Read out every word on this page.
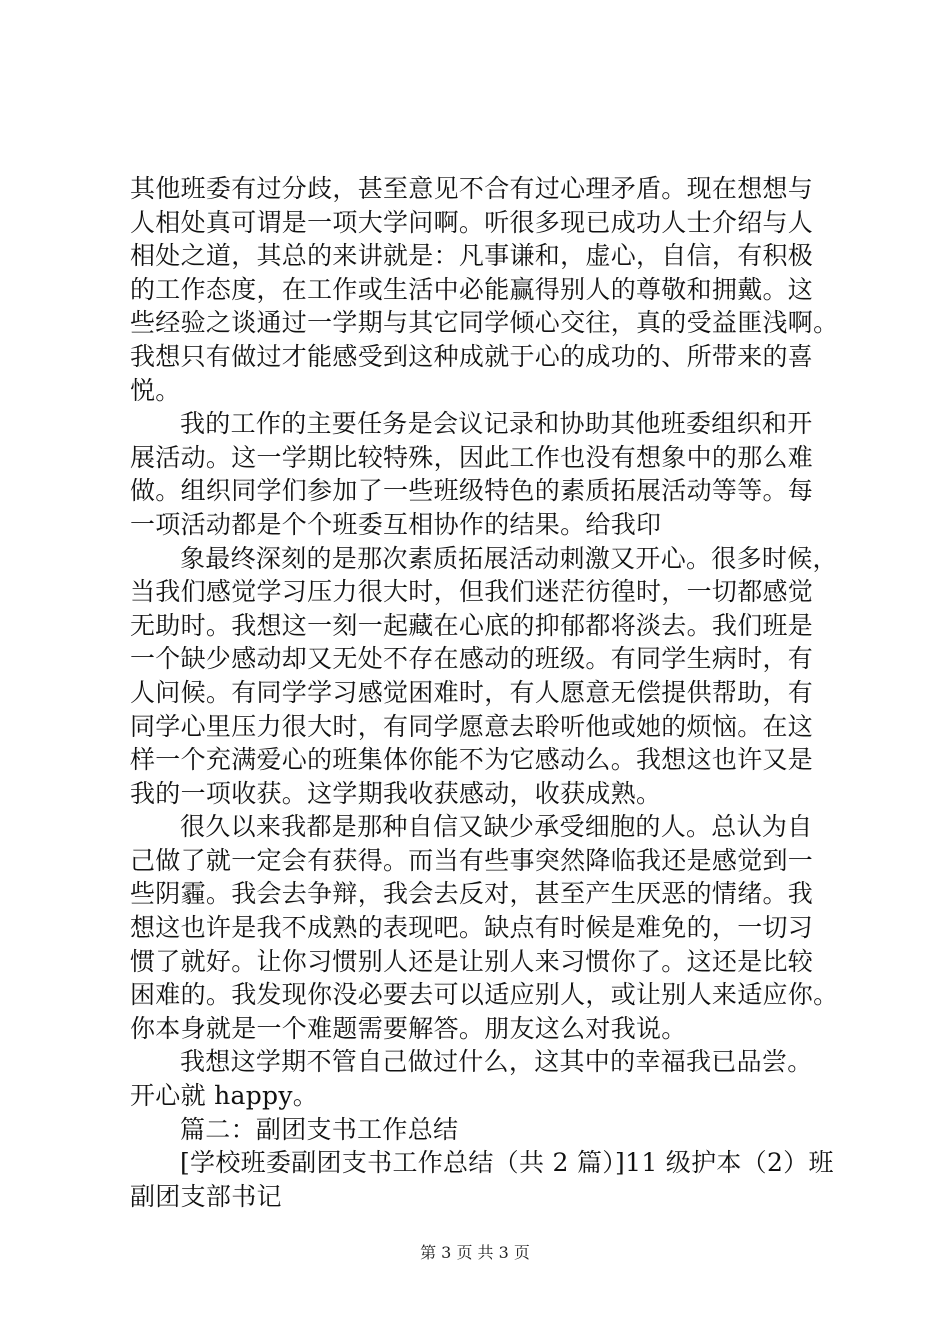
其他班委有过分歧，甚至意见不合有过心理矛盾。现在想想与
人相处真可谓是一项大学问啊。听很多现已成功人士介绍与人
相处之道，其总的来讲就是：凡事谦和，虚心，自信，有积极
的工作态度，在工作或生活中必能赢得别人的尊敬和拥戴。这
些经验之谈通过一学期与其它同学倾心交往，真的受益匪浅啊。
我想只有做过才能感受到这种成就于心的成功的、所带来的喜
悦。
我的工作的主要任务是会议记录和协助其他班委组织和开
展活动。这一学期比较特殊，因此工作也没有想象中的那么难
做。组织同学们参加了一些班级特色的素质拓展活动等等。每
一项活动都是个个班委互相协作的结果。给我印
象最终深刻的是那次素质拓展活动刺激又开心。很多时候，
当我们感觉学习压力很大时，但我们迷茫彷徨时，一切都感觉
无助时。我想这一刻一起藏在心底的抑郁都将淡去。我们班是
一个缺少感动却又无处不存在感动的班级。有同学生病时，有
人问候。有同学学习感觉困难时，有人愿意无偿提供帮助，有
同学心里压力很大时，有同学愿意去聆听他或她的烦恼。在这
样一个充满爱心的班集体你能不为它感动么。我想这也许又是
我的一项收获。这学期我收获感动，收获成熟。
很久以来我都是那种自信又缺少承受细胞的人。总认为自
己做了就一定会有获得。而当有些事突然降临我还是感觉到一
些阴霾。我会去争辩，我会去反对，甚至产生厌恶的情绪。我
想这也许是我不成熟的表现吧。缺点有时候是难免的，一切习
惯了就好。让你习惯别人还是让别人来习惯你了。这还是比较
困难的。我发现你没必要去可以适应别人，或让别人来适应你。
你本身就是一个难题需要解答。朋友这么对我说。
我想这学期不管自己做过什么，这其中的幸福我已品尝。
开心就 happy。
篇二：副团支书工作总结
[学校班委副团支书工作总结（共 2 篇）]11 级护本（2）班
副团支部书记
第 3 页 共 3 页
